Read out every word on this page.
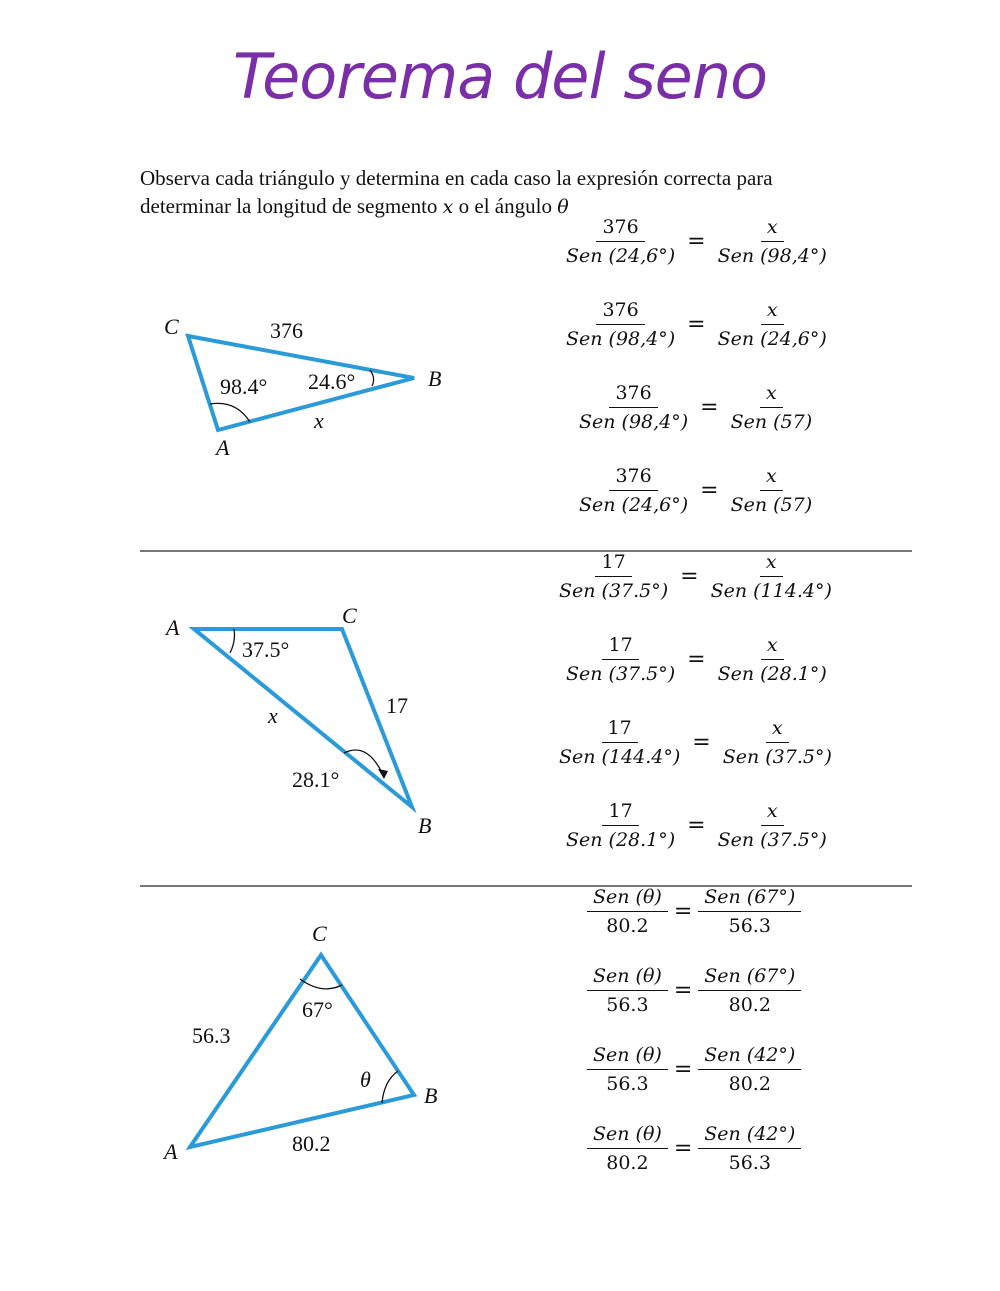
Teorema del seno
Observa cada triángulo y determina en cada caso la expresión correcta para
determinar la longitud de segmento x o el ángulo θ
C
B
A
376
98.4° 24.6°
x
$\frac{376}{\text{Sen (24,6°)}} = \frac{x}{\text{Sen (98,4°)}}$
$\frac{376}{\text{Sen (98,4°)}} = \frac{x}{\text{Sen (24,6°)}}$
$\frac{376}{\text{Sen (98,4°)}} = \frac{x}{\text{Sen (57)}}$
$\frac{376}{\text{Sen (24,6°)}} = \frac{x}{\text{Sen (57)}}$
A	C
B
17
37.5°
28.1°
x
$\frac{17}{\text{Sen (37.5°)}} = \frac{x}{\text{Sen (114.4°)}}$
$\frac{17}{\text{Sen (37.5°)}} = \frac{x}{\text{Sen (28.1°)}}$
$\frac{17}{\text{Sen (144.4°)}} = \frac{x}{\text{Sen (37.5°)}}$
$\frac{17}{\text{Sen (28.1°)}} = \frac{x}{\text{Sen (37.5°)}}$
C
B
A
56.3
80.2
67°
θ
$\frac{\text{Sen (θ)}}{80.2} = \frac{\text{Sen (67°)}}{56.3}$
$\frac{\text{Sen (θ)}}{56.3} = \frac{\text{Sen (67°)}}{80.2}$
$\frac{\text{Sen (θ)}}{56.3} = \frac{\text{Sen (42°)}}{80.2}$
$\frac{\text{Sen (θ)}}{80.2} = \frac{\text{Sen (42°)}}{56.3}$
